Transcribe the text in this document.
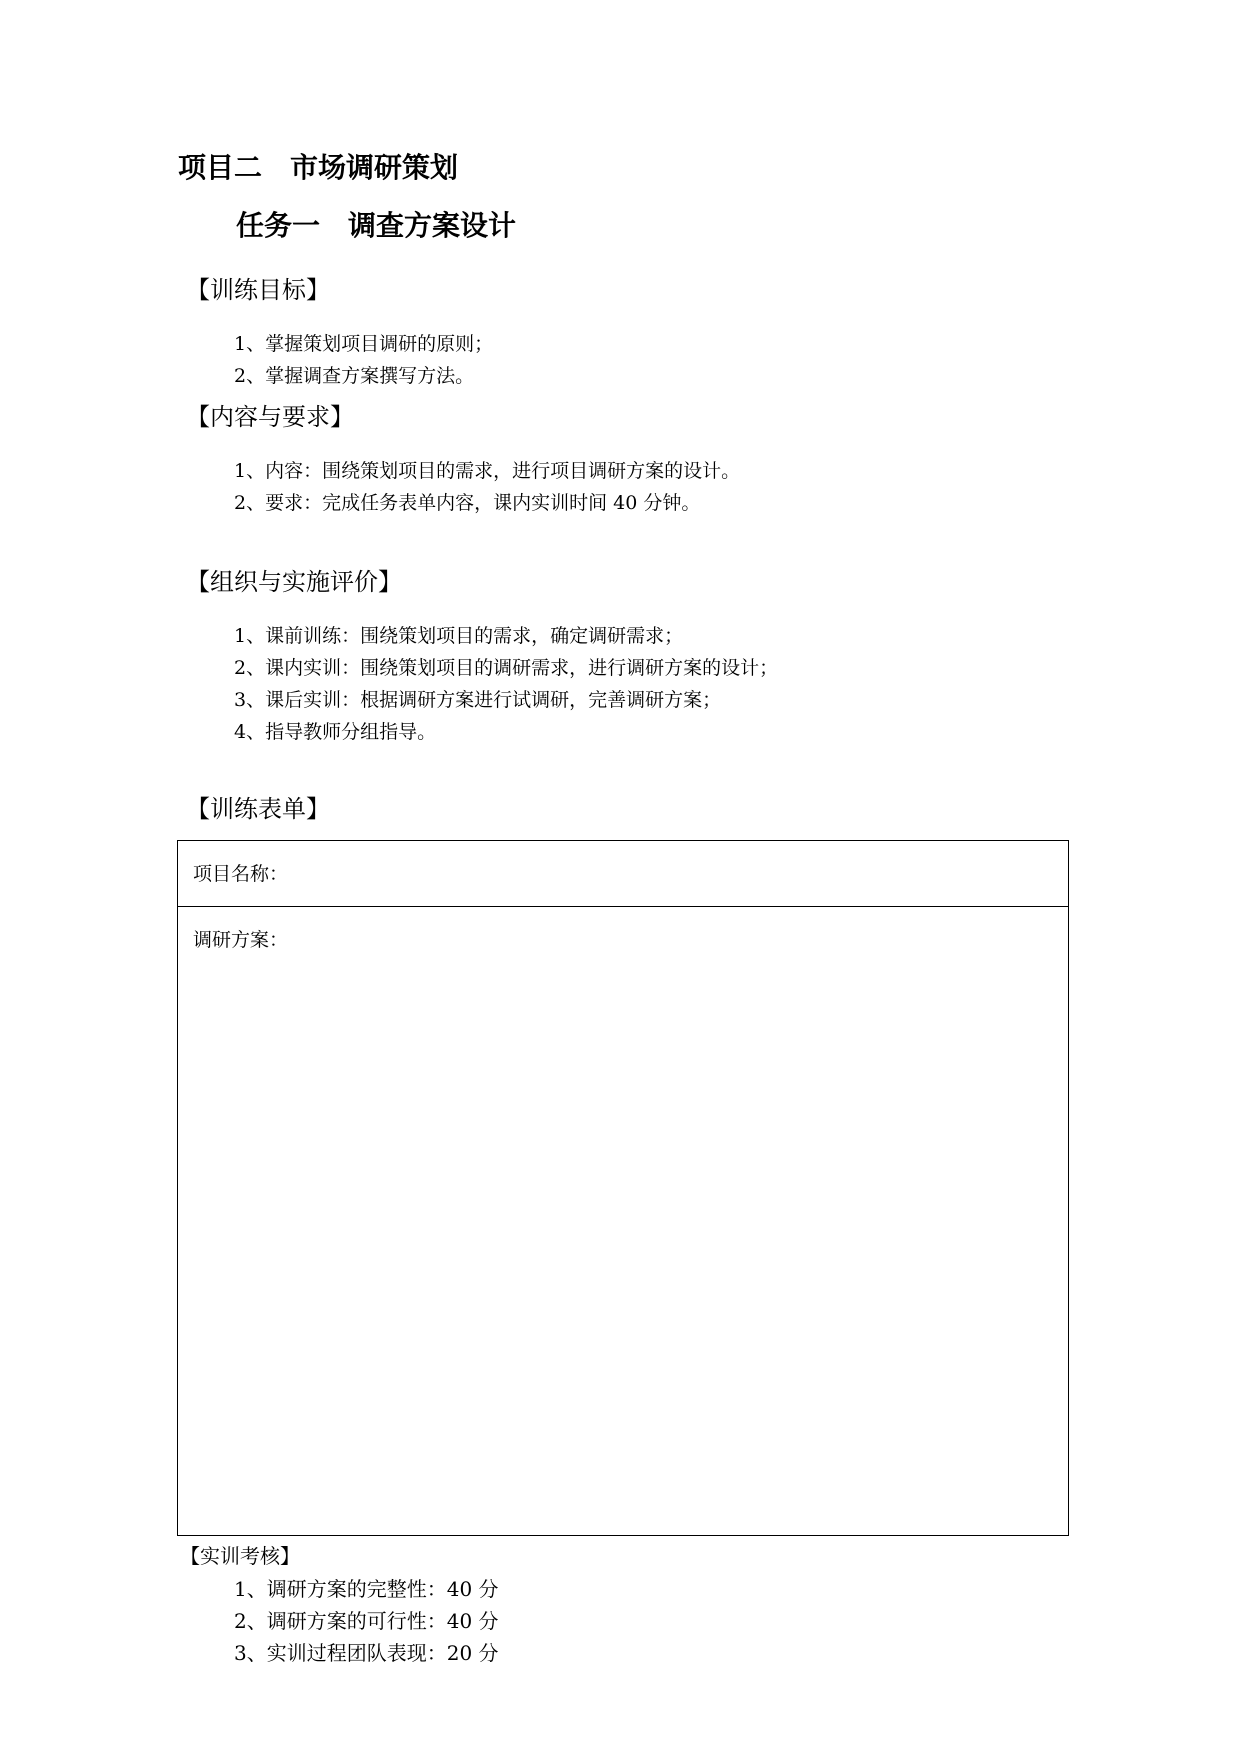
项目二　市场调研策划
任务一　调查方案设计
【训练目标】
1、掌握策划项目调研的原则；
2、掌握调查方案撰写方法。
【内容与要求】
1、内容：围绕策划项目的需求，进行项目调研方案的设计。
2、要求：完成任务表单内容，课内实训时间 40 分钟。
【组织与实施评价】
1、课前训练：围绕策划项目的需求，确定调研需求；
2、课内实训：围绕策划项目的调研需求，进行调研方案的设计；
3、课后实训：根据调研方案进行试调研，完善调研方案；
4、指导教师分组指导。
【训练表单】
项目名称：
调研方案：
【实训考核】
1、调研方案的完整性：40 分
2、调研方案的可行性：40 分
3、实训过程团队表现：20 分
